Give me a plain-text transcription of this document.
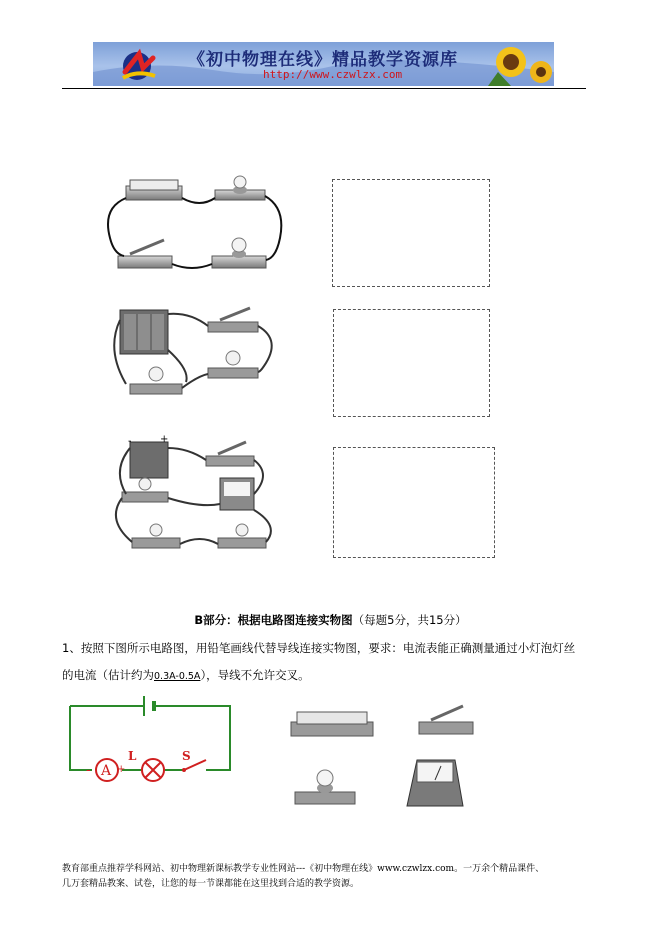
《初中物理在线》精品教学资源库
http://www.czwlzx.com
-	+
B部分：根据电路图连接实物图（每题5分，共15分）
1、按照下图所示电路图，用铅笔画线代替导线连接实物图，要求：电流表能正确测量通过小灯泡灯丝
的电流（估计约为0.3A-0.5A），导线不允许交叉。
A
-	+
L	S
教育部重点推荐学科网站、初中物理新课标教学专业性网站---《初中物理在线》www.czwlzx.com。一万余个精品课件、
几万套精品教案、试卷，让您的每一节课都能在这里找到合适的教学资源。
